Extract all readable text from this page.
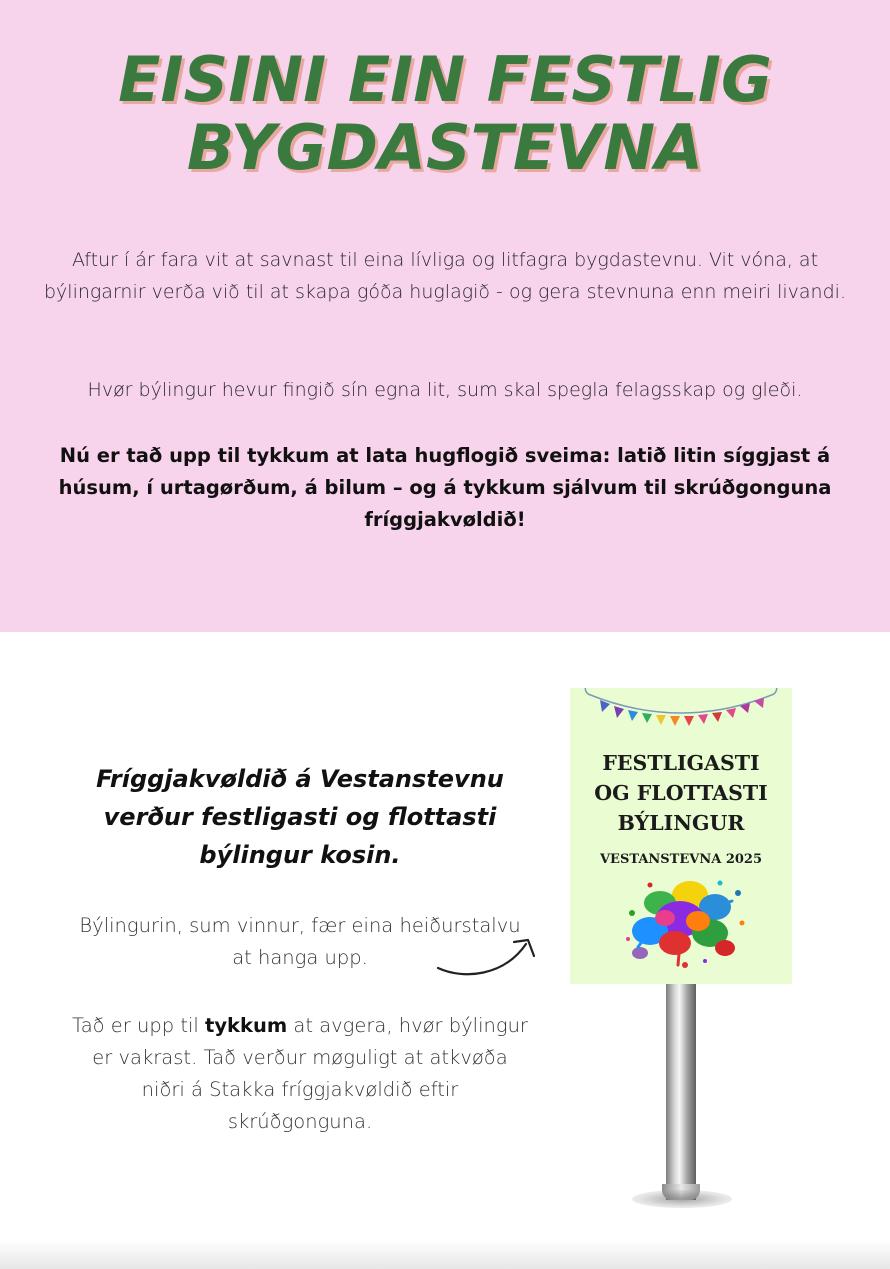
EISINI EIN FESTLIG
BYGDASTEVNA

Aftur í ár fara vit at savnast til eina lívliga og litfagra bygdastevnu. Vit vóna, at býlingarnir verða við til at skapa góða huglagið - og gera stevnuna enn meiri livandi.

Hvør býlingur hevur fingið sín egna lit, sum skal spegla felagsskap og gleði.

Nú er tað upp til tykkum at lata hugflogið sveima: latið litin síggjast á húsum, í urtagørðum, á bilum – og á tykkum sjálvum til skrúðgonguna fríggjakvøldið!

Fríggjakvøldið á Vestanstevnu verður festligasti og flottasti býlingur kosin.

Býlingurin, sum vinnur, fær eina heiðurstalvu at hanga upp.

Tað er upp til tykkum at avgera, hvør býlingur er vakrast. Tað verður møguligt at atkvøða niðri á Stakka fríggjakvøldið eftir skrúðgonguna.

FESTLIGASTI
OG FLOTTASTI
BÝLINGUR

VESTANSTEVNA 2025
